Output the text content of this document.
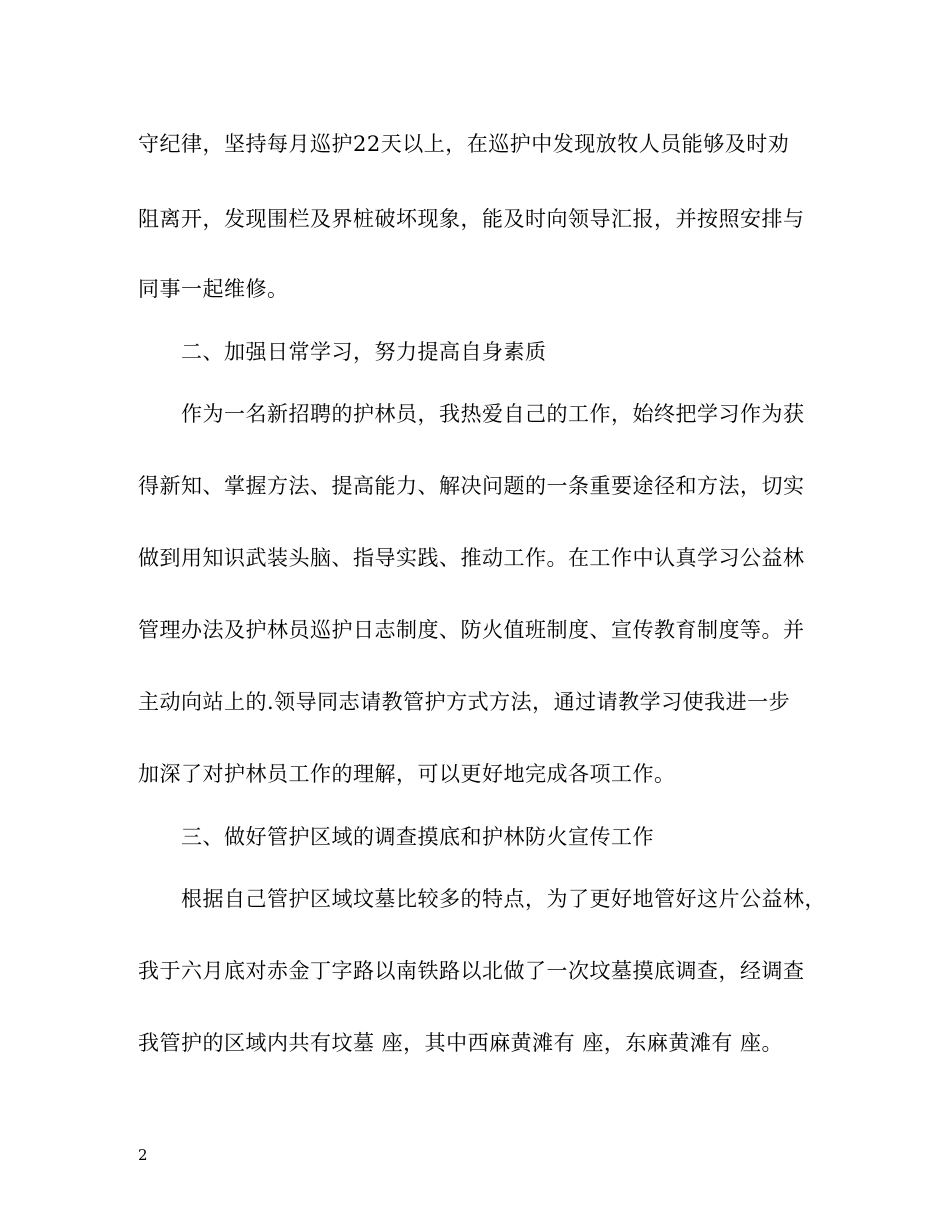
守纪律，坚持每月巡护22天以上，在巡护中发现放牧人员能够及时劝
阻离开，发现围栏及界桩破坏现象，能及时向领导汇报，并按照安排与
同事一起维修。
二、加强日常学习，努力提高自身素质
作为一名新招聘的护林员，我热爱自己的工作，始终把学习作为获
得新知、掌握方法、提高能力、解决问题的一条重要途径和方法，切实
做到用知识武装头脑、指导实践、推动工作。在工作中认真学习公益林
管理办法及护林员巡护日志制度、防火值班制度、宣传教育制度等。并
主动向站上的.领导同志请教管护方式方法，通过请教学习使我进一步
加深了对护林员工作的理解，可以更好地完成各项工作。
三、做好管护区域的调查摸底和护林防火宣传工作
根据自己管护区域坟墓比较多的特点，为了更好地管好这片公益林，
我于六月底对赤金丁字路以南铁路以北做了一次坟墓摸底调查，经调查
我管护的区域内共有坟墓 座，其中西麻黄滩有 座，东麻黄滩有 座。
2
